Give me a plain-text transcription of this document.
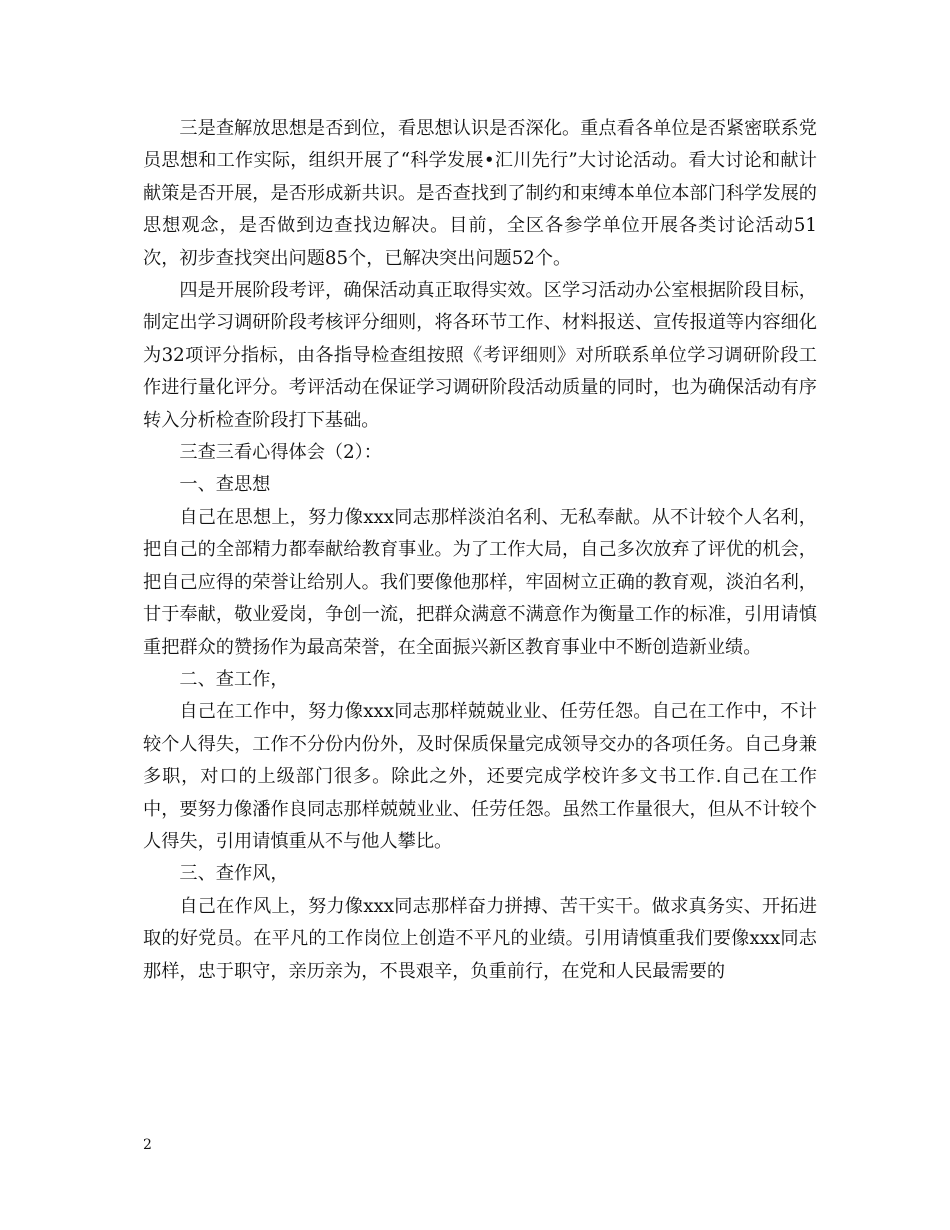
三是查解放思想是否到位，看思想认识是否深化。重点看各单位是否紧密联系党员思想和工作实际，组织开展了“科学发展•汇川先行”大讨论活动。看大讨论和献计献策是否开展，是否形成新共识。是否查找到了制约和束缚本单位本部门科学发展的思想观念，是否做到边查找边解决。目前，全区各参学单位开展各类讨论活动51次，初步查找突出问题85个，已解决突出问题52个。

四是开展阶段考评，确保活动真正取得实效。区学习活动办公室根据阶段目标，制定出学习调研阶段考核评分细则，将各环节工作、材料报送、宣传报道等内容细化为32项评分指标，由各指导检查组按照《考评细则》对所联系单位学习调研阶段工作进行量化评分。考评活动在保证学习调研阶段活动质量的同时，也为确保活动有序转入分析检查阶段打下基础。

三查三看心得体会（2）：

一、查思想

自己在思想上，努力像xxx同志那样淡泊名利、无私奉献。从不计较个人名利，把自己的全部精力都奉献给教育事业。为了工作大局，自己多次放弃了评优的机会，把自己应得的荣誉让给别人。我们要像他那样，牢固树立正确的教育观，淡泊名利，甘于奉献，敬业爱岗，争创一流，把群众满意不满意作为衡量工作的标准，引用请慎重把群众的赞扬作为最高荣誉，在全面振兴新区教育事业中不断创造新业绩。

二、查工作，

自己在工作中，努力像xxx同志那样兢兢业业、任劳任怨。自己在工作中，不计较个人得失，工作不分份内份外，及时保质保量完成领导交办的各项任务。自己身兼多职，对口的上级部门很多。除此之外，还要完成学校许多文书工作.自己在工作中，要努力像潘作良同志那样兢兢业业、任劳任怨。虽然工作量很大，但从不计较个人得失，引用请慎重从不与他人攀比。

三、查作风，

自己在作风上，努力像xxx同志那样奋力拼搏、苦干实干。做求真务实、开拓进取的好党员。在平凡的工作岗位上创造不平凡的业绩。引用请慎重我们要像xxx同志那样，忠于职守，亲历亲为，不畏艰辛，负重前行，在党和人民最需要的

2
